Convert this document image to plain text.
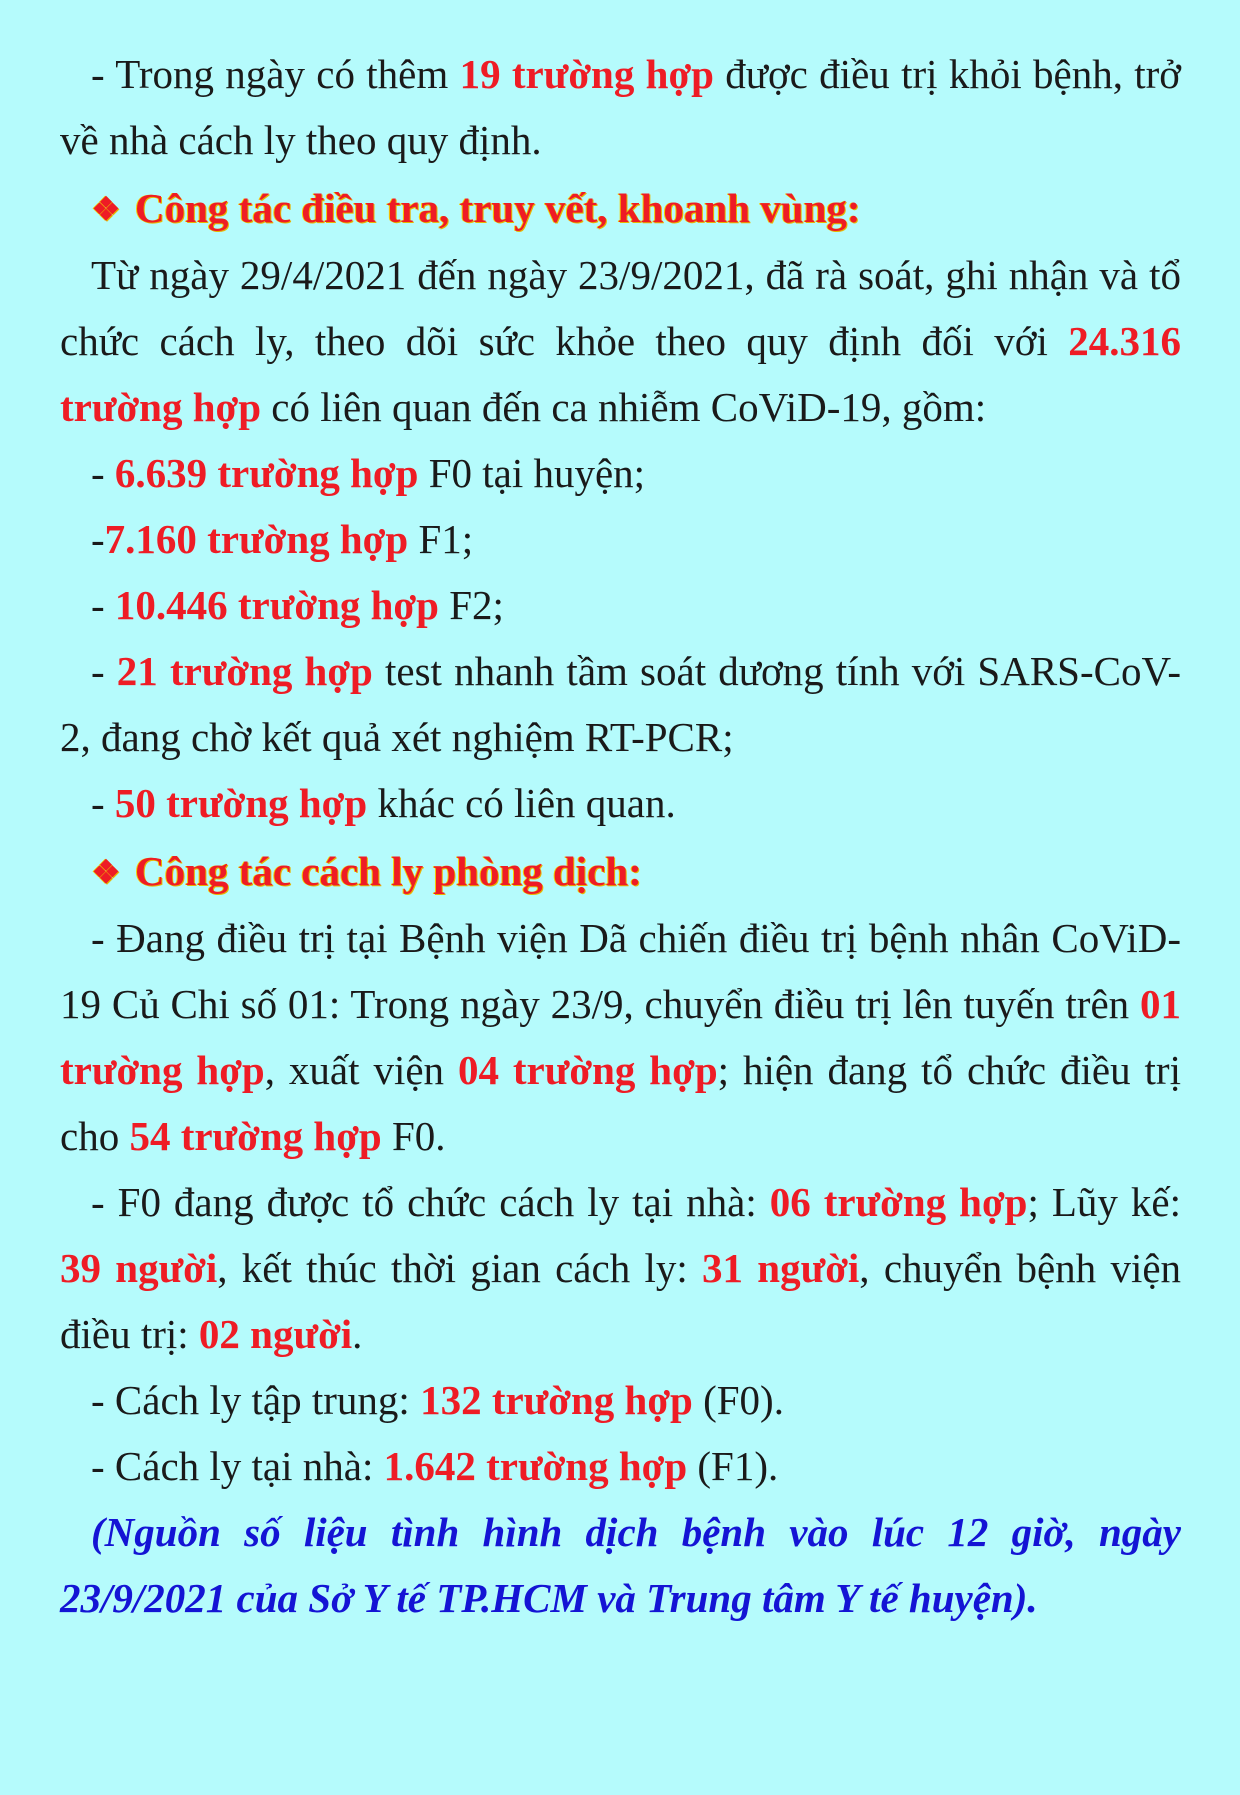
- Trong ngày có thêm 19 trường hợp được điều trị khỏi bệnh, trở về nhà cách ly theo quy định.

❖ Công tác điều tra, truy vết, khoanh vùng:

Từ ngày 29/4/2021 đến ngày 23/9/2021, đã rà soát, ghi nhận và tổ chức cách ly, theo dõi sức khỏe theo quy định đối với 24.316 trường hợp có liên quan đến ca nhiễm CoViD-19, gồm:

- 6.639 trường hợp F0 tại huyện;

-7.160 trường hợp F1;

- 10.446 trường hợp F2;

- 21 trường hợp test nhanh tầm soát dương tính với SARS-CoV-2, đang chờ kết quả xét nghiệm RT-PCR;

- 50 trường hợp khác có liên quan.

❖ Công tác cách ly phòng dịch:

- Đang điều trị tại Bệnh viện Dã chiến điều trị bệnh nhân CoViD-19 Củ Chi số 01: Trong ngày 23/9, chuyển điều trị lên tuyến trên 01 trường hợp, xuất viện 04 trường hợp; hiện đang tổ chức điều trị cho 54 trường hợp F0.

- F0 đang được tổ chức cách ly tại nhà: 06 trường hợp; Lũy kế: 39 người, kết thúc thời gian cách ly: 31 người, chuyển bệnh viện điều trị: 02 người.

- Cách ly tập trung: 132 trường hợp (F0).

- Cách ly tại nhà: 1.642 trường hợp (F1).

(Nguồn số liệu tình hình dịch bệnh vào lúc 12 giờ, ngày 23/9/2021 của Sở Y tế TP.HCM và Trung tâm Y tế huyện).
